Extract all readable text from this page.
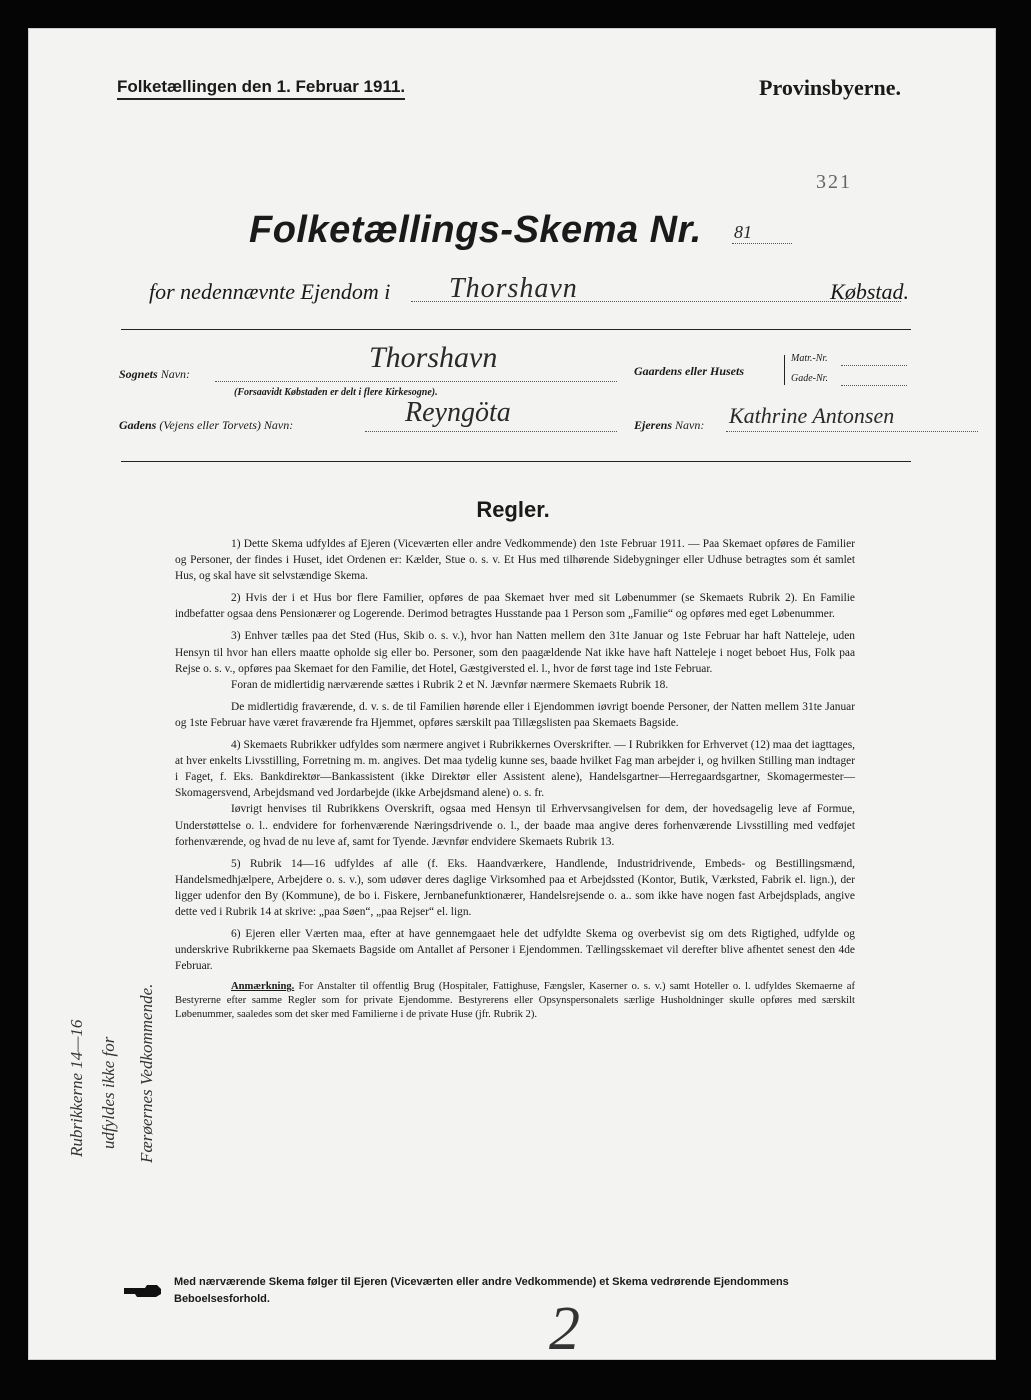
Folketællingen den 1. Februar 1911.	Provinsbyerne.
321
Folketællings-Skema Nr. 81
for nedennævnte Ejendom i Thorshavn	Købstad.
Sognets Navn:	Thorshavn
(Forsaavidt Købstaden er delt i flere Kirkesogne).
Gaardens eller Husets
Matr.-Nr.
Gade-Nr.
Gadens (Vejens eller Torvets) Navn:	Reyngöta	Ejerens Navn: Kathrine Antonsen
Regler.

1) Dette Skema udfyldes af Ejeren (Viceværten eller andre Vedkommende) den 1ste Februar 1911. — Paa Skemaet opføres de Familier og Personer, der findes i Huset, idet Ordenen er: Kælder, Stue o. s. v. Et Hus med tilhørende Sidebygninger eller Udhuse betragtes som ét samlet Hus, og skal have sit selvstændige Skema.

2) Hvis der i et Hus bor flere Familier, opføres de paa Skemaet hver med sit Løbenummer (se Skemaets Rubrik 2). En Familie indbefatter ogsaa dens Pensionærer og Logerende. Derimod betragtes Husstande paa 1 Person som „Familie“ og opføres med eget Løbenummer.

3) Enhver tælles paa det Sted (Hus, Skib o. s. v.), hvor han Natten mellem den 31te Januar og 1ste Februar har haft Natteleje, uden Hensyn til hvor han ellers maatte opholde sig eller bo. Personer, som den paagældende Nat ikke have haft Natteleje i noget beboet Hus, Folk paa Rejse o. s. v., opføres paa Skemaet for den Familie, det Hotel, Gæstgiversted el. l., hvor de først tage ind 1ste Februar.

Foran de midlertidig nærværende sættes i Rubrik 2 et N. Jævnfør nærmere Skemaets Rubrik 18.

De midlertidig fraværende, d. v. s. de til Familien hørende eller i Ejendommen iøvrigt boende Personer, der Natten mellem 31te Januar og 1ste Februar have været fraværende fra Hjemmet, opføres særskilt paa Tillægslisten paa Skemaets Bagside.

4) Skemaets Rubrikker udfyldes som nærmere angivet i Rubrikkernes Overskrifter. — I Rubrikken for Erhvervet (12) maa det iagttages, at hver enkelts Livsstilling, Forretning m. m. angives. Det maa tydelig kunne ses, baade hvilket Fag man arbejder i, og hvilken Stilling man indtager i Faget, f. Eks. Bankdirektør—Bankassistent (ikke Direktør eller Assistent alene), Handelsgartner—Herregaardsgartner, Skomagermester—Skomagersvend, Arbejdsmand ved Jordarbejde (ikke Arbejdsmand alene) o. s. fr.

Iøvrigt henvises til Rubrikkens Overskrift, ogsaa med Hensyn til Erhvervsangivelsen for dem, der hovedsagelig leve af Formue, Understøttelse o. l.. endvidere for forhenværende Næringsdrivende o. l., der baade maa angive deres forhenværende Livsstilling med vedføjet forhenværende, og hvad de nu leve af, samt for Tyende. Jævnfør endvidere Skemaets Rubrik 13.

5) Rubrik 14—16 udfyldes af alle (f. Eks. Haandværkere, Handlende, Industridrivende, Embeds- og Bestillingsmænd, Handelsmedhjælpere, Arbejdere o. s. v.), som udøver deres daglige Virksomhed paa et Arbejdssted (Kontor, Butik, Værksted, Fabrik el. lign.), der ligger udenfor den By (Kommune), de bo i. Fiskere, Jernbanefunktionærer, Handelsrejsende o. a.. som ikke have nogen fast Arbejdsplads, angive dette ved i Rubrik 14 at skrive: „paa Søen“, „paa Rejser“ el. lign.

6) Ejeren eller Værten maa, efter at have gennemgaaet hele det udfyldte Skema og overbevist sig om dets Rigtighed, udfylde og underskrive Rubrikkerne paa Skemaets Bagside om Antallet af Personer i Ejendommen. Tællingsskemaet vil derefter blive afhentet senest den 4de Februar.

Anmærkning. For Anstalter til offentlig Brug (Hospitaler, Fattighuse, Fængsler, Kaserner o. s. v.) samt Hoteller o. l. udfyldes Skemaerne af Bestyrerne efter samme Regler som for private Ejendomme. Bestyrerens eller Opsynspersonalets særlige Husholdninger skulle opføres med særskilt Løbenummer, saaledes som det sker med Familierne i de private Huse (jfr. Rubrik 2).

Rubrikkerne 14—16 udfyldes ikke for Færøernes Vedkommende.
Med nærværende Skema følger til Ejeren (Viceværten eller andre Vedkommende) et Skema vedrørende Ejendommens Beboelsesforhold.	2
